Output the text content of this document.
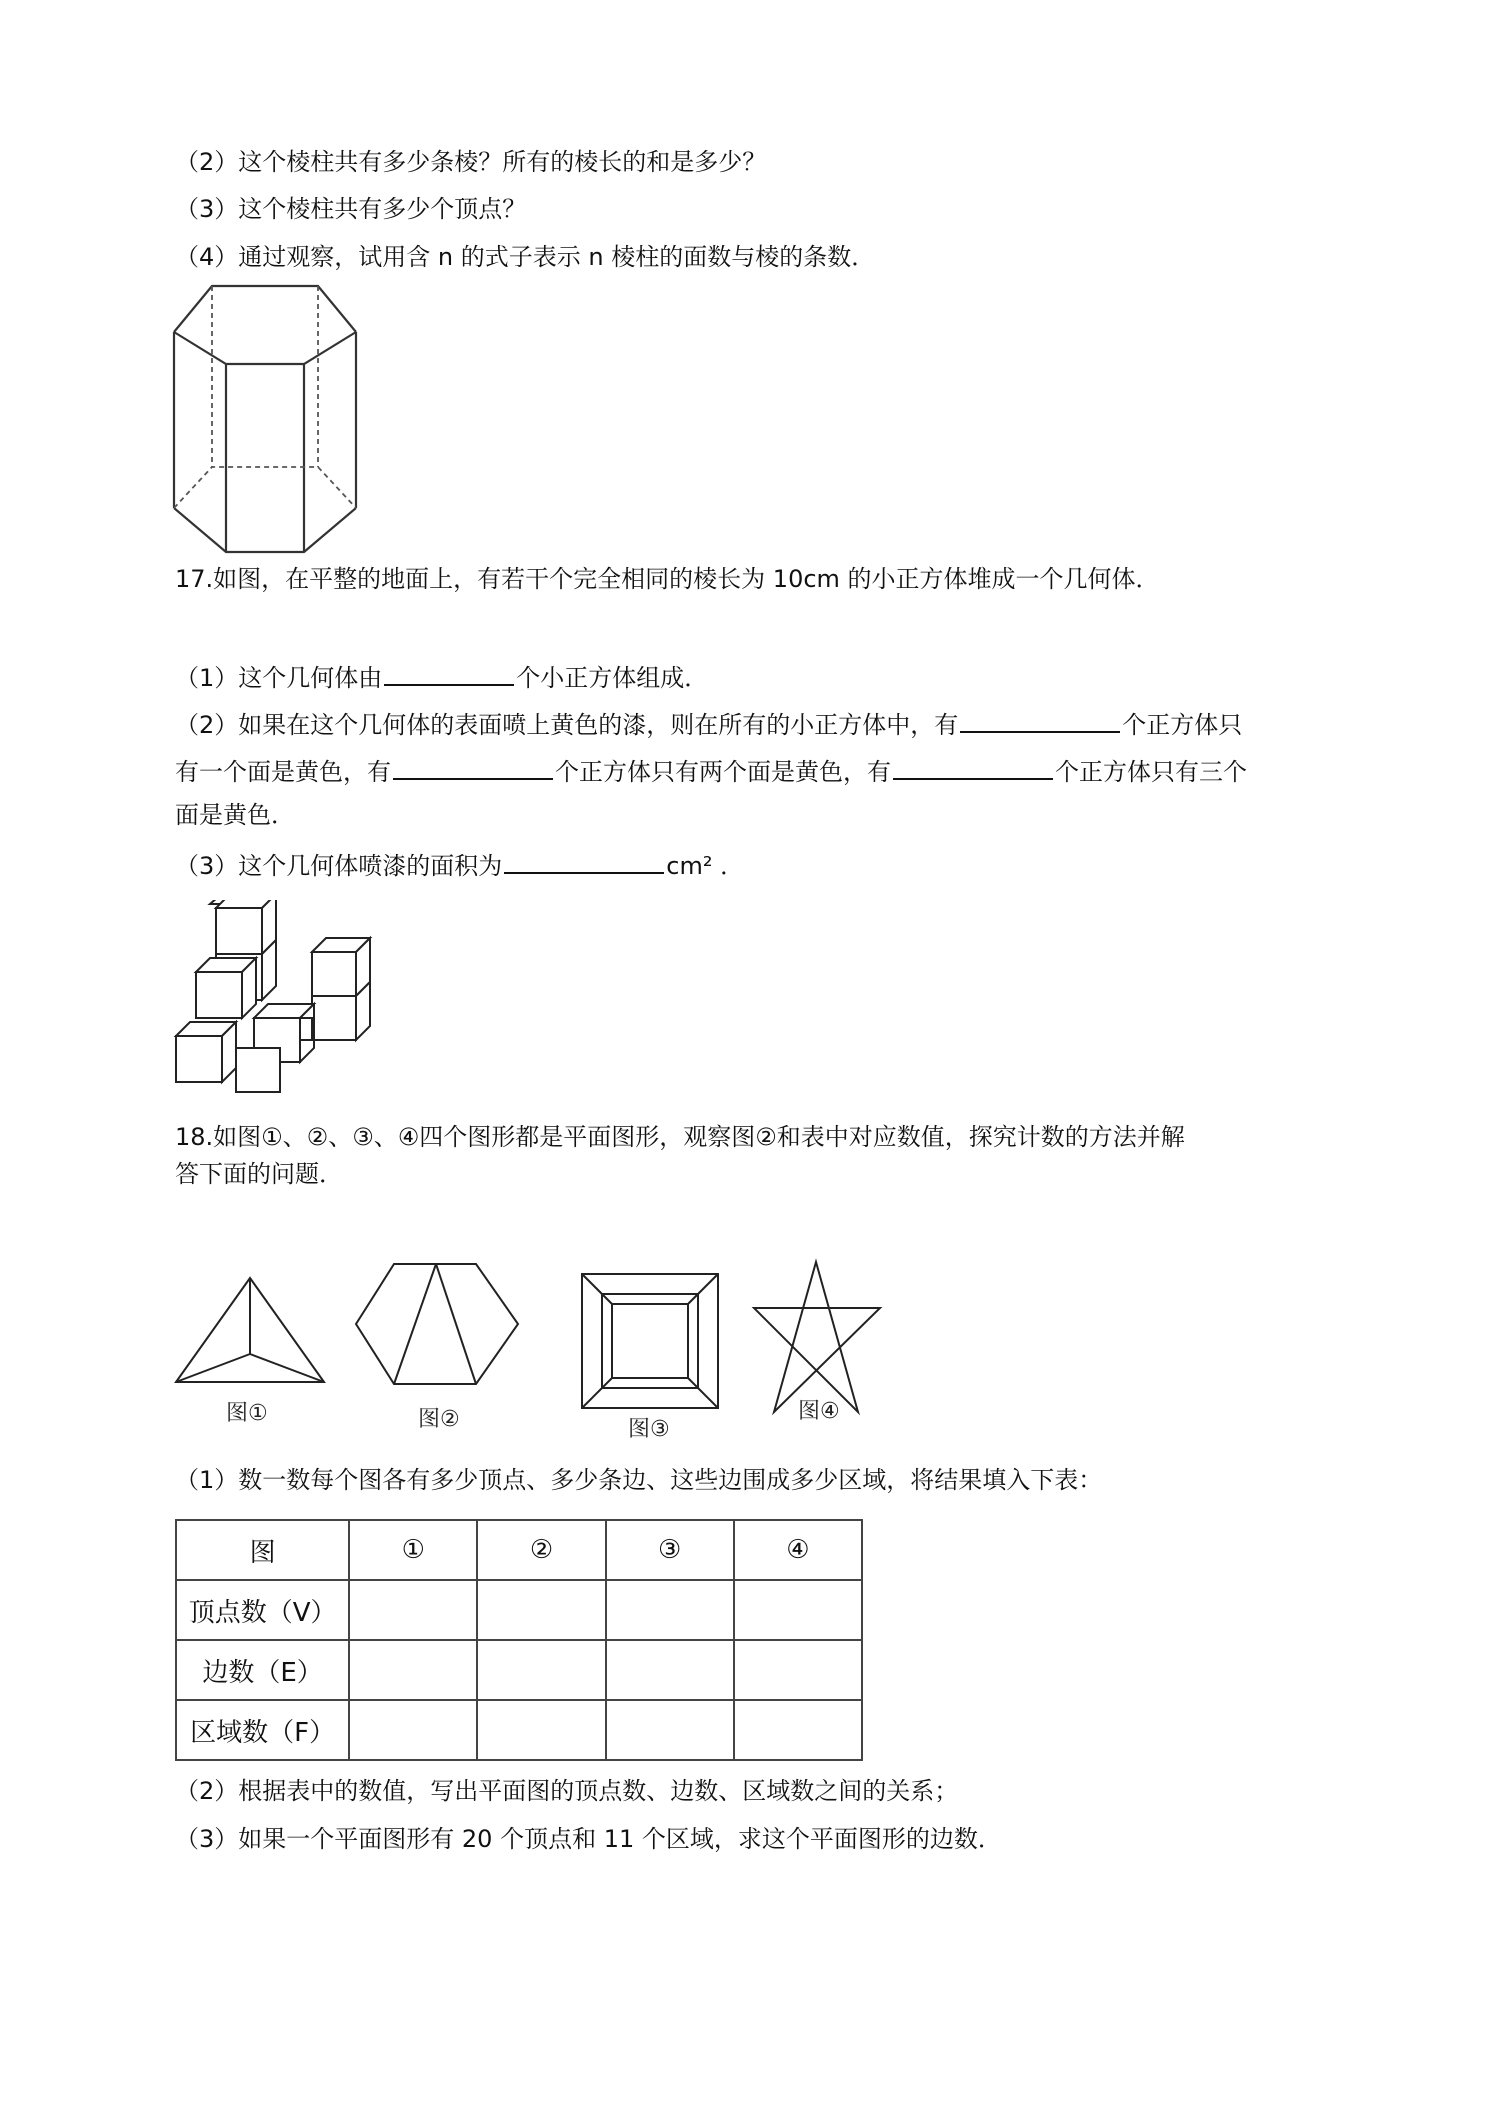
（2）这个棱柱共有多少条棱？所有的棱长的和是多少？
（3）这个棱柱共有多少个顶点？
（4）通过观察，试用含 n 的式子表示 n 棱柱的面数与棱的条数．
17.如图，在平整的地面上，有若干个完全相同的棱长为 10cm 的小正方体堆成一个几何体．
（1）这个几何体由	个小正方体组成．
（2）如果在这个几何体的表面喷上黄色的漆，则在所有的小正方体中，有	个正方体只
有一个面是黄色，有	个正方体只有两个面是黄色，有	个正方体只有三个
面是黄色．
（3）这个几何体喷漆的面积为	cm² ．
18.如图①、②、③、④四个图形都是平面图形，观察图②和表中对应数值，探究计数的方法并解
答下面的问题．
图①	图②	图③
图④
（1）数一数每个图各有多少顶点、多少条边、这些边围成多少区域，将结果填入下表：
图	①	②	③	④
顶点数（V）				
边数（E）				
区域数（F）				
（2）根据表中的数值，写出平面图的顶点数、边数、区域数之间的关系；
（3）如果一个平面图形有 20 个顶点和 11 个区域，求这个平面图形的边数．
